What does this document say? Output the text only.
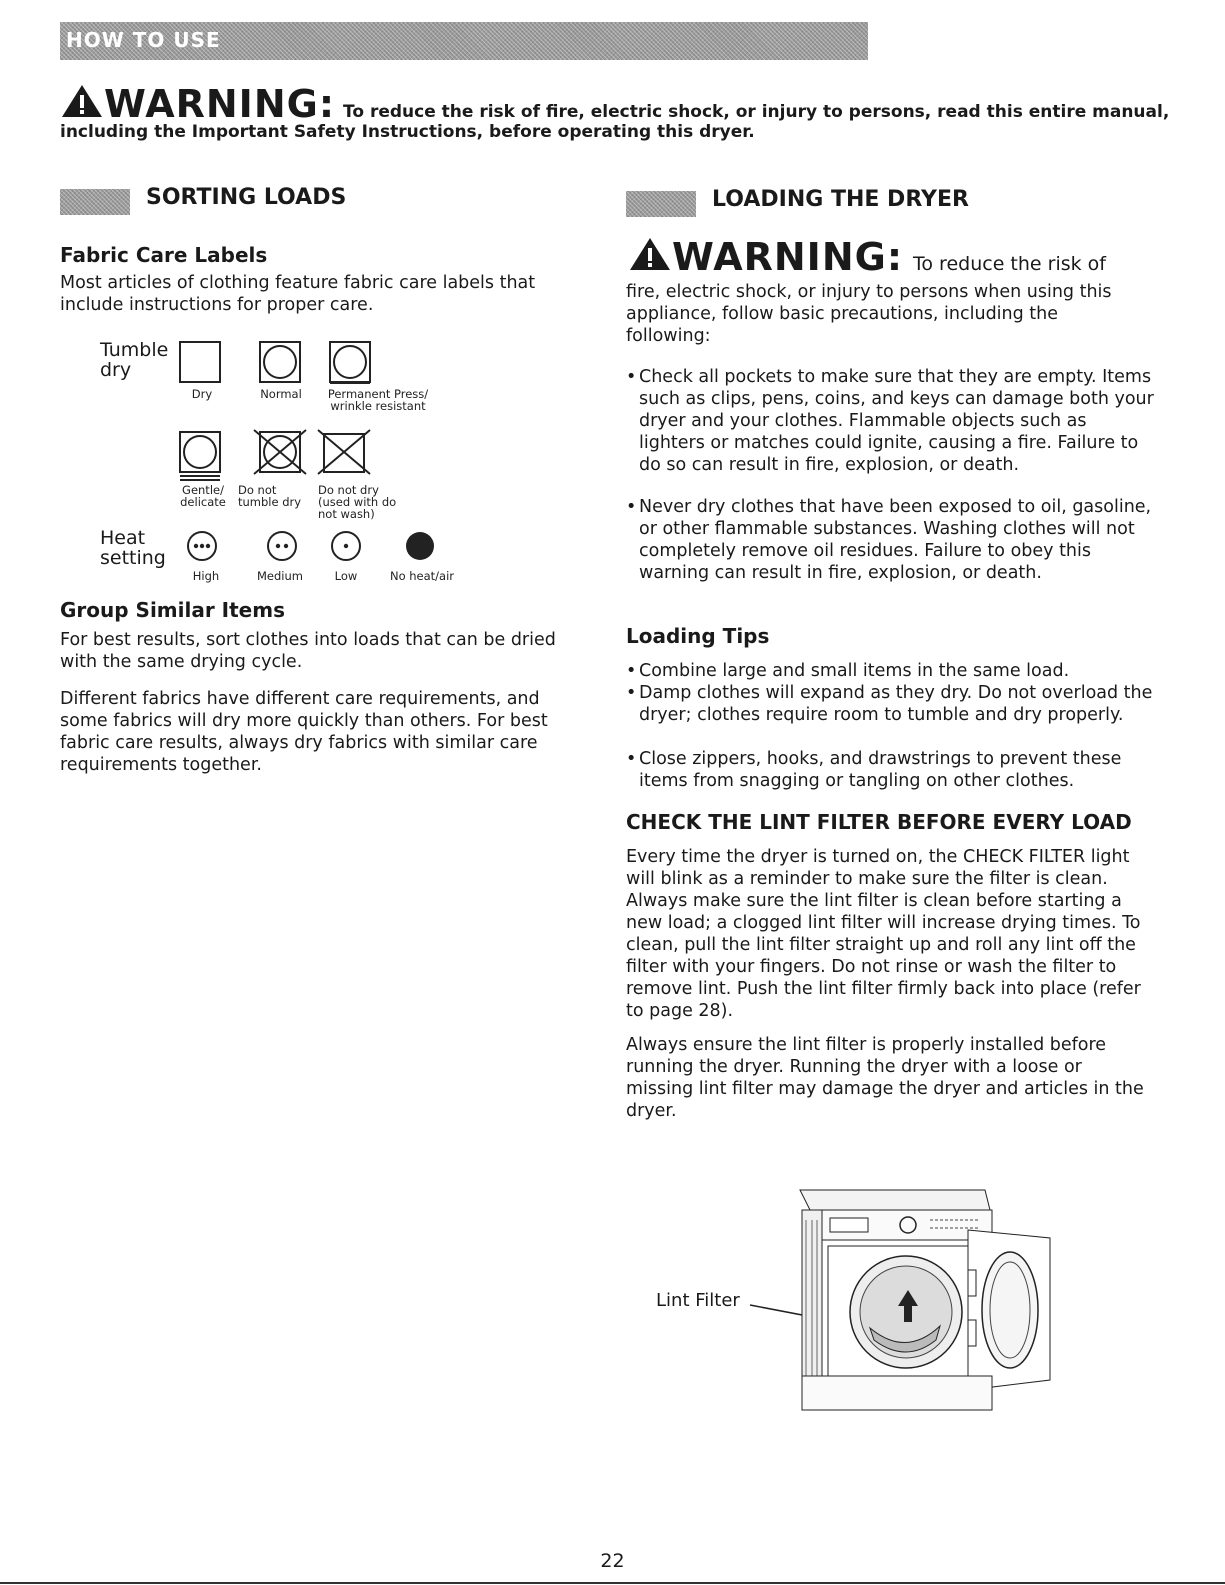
HOW TO USE
WARNING: To reduce the risk of fire, electric shock, or injury to persons, read this entire manual,
including the Important Safety Instructions, before operating this dryer.
SORTING LOADS
Fabric Care Labels
Most articles of clothing feature fabric care labels that include instructions for proper care.
Tumble
dry
Dry	Normal	Permanent Press/
wrinkle resistant
Gentle/
delicate
Do not
tumble dry
Do not dry
(used with do
not wash)
Heat
setting
High	Medium	Low	No heat/air
Group Similar Items
For best results, sort clothes into loads that can be dried with the same drying cycle.
Different fabrics have different care requirements, and some fabrics will dry more quickly than others. For best fabric care results, always dry fabrics with similar care requirements together.
LOADING THE DRYER
WARNING: To reduce the risk of
fire, electric shock, or injury to persons when using this appliance, follow basic precautions, including the following:
• Check all pockets to make sure that they are empty. Items such as clips, pens, coins, and keys can damage both your dryer and your clothes. Flammable objects such as lighters or matches could ignite, causing a fire. Failure to do so can result in fire, explosion, or death.
• Never dry clothes that have been exposed to oil, gasoline, or other flammable substances. Washing clothes will not completely remove oil residues. Failure to obey this warning can result in fire, explosion, or death.
Loading Tips
• Combine large and small items in the same load.
• Damp clothes will expand as they dry. Do not overload the dryer; clothes require room to tumble and dry properly.
• Close zippers, hooks, and drawstrings to prevent these items from snagging or tangling on other clothes.
CHECK THE LINT FILTER BEFORE EVERY LOAD
Every time the dryer is turned on, the CHECK FILTER light will blink as a reminder to make sure the filter is clean. Always make sure the lint filter is clean before starting a new load; a clogged lint filter will increase drying times. To clean, pull the lint filter straight up and roll any lint off the filter with your fingers. Do not rinse or wash the filter to remove lint. Push the lint filter firmly back into place (refer to page 28).
Always ensure the lint filter is properly installed before running the dryer. Running the dryer with a loose or missing lint filter may damage the dryer and articles in the dryer.
Lint Filter
22
